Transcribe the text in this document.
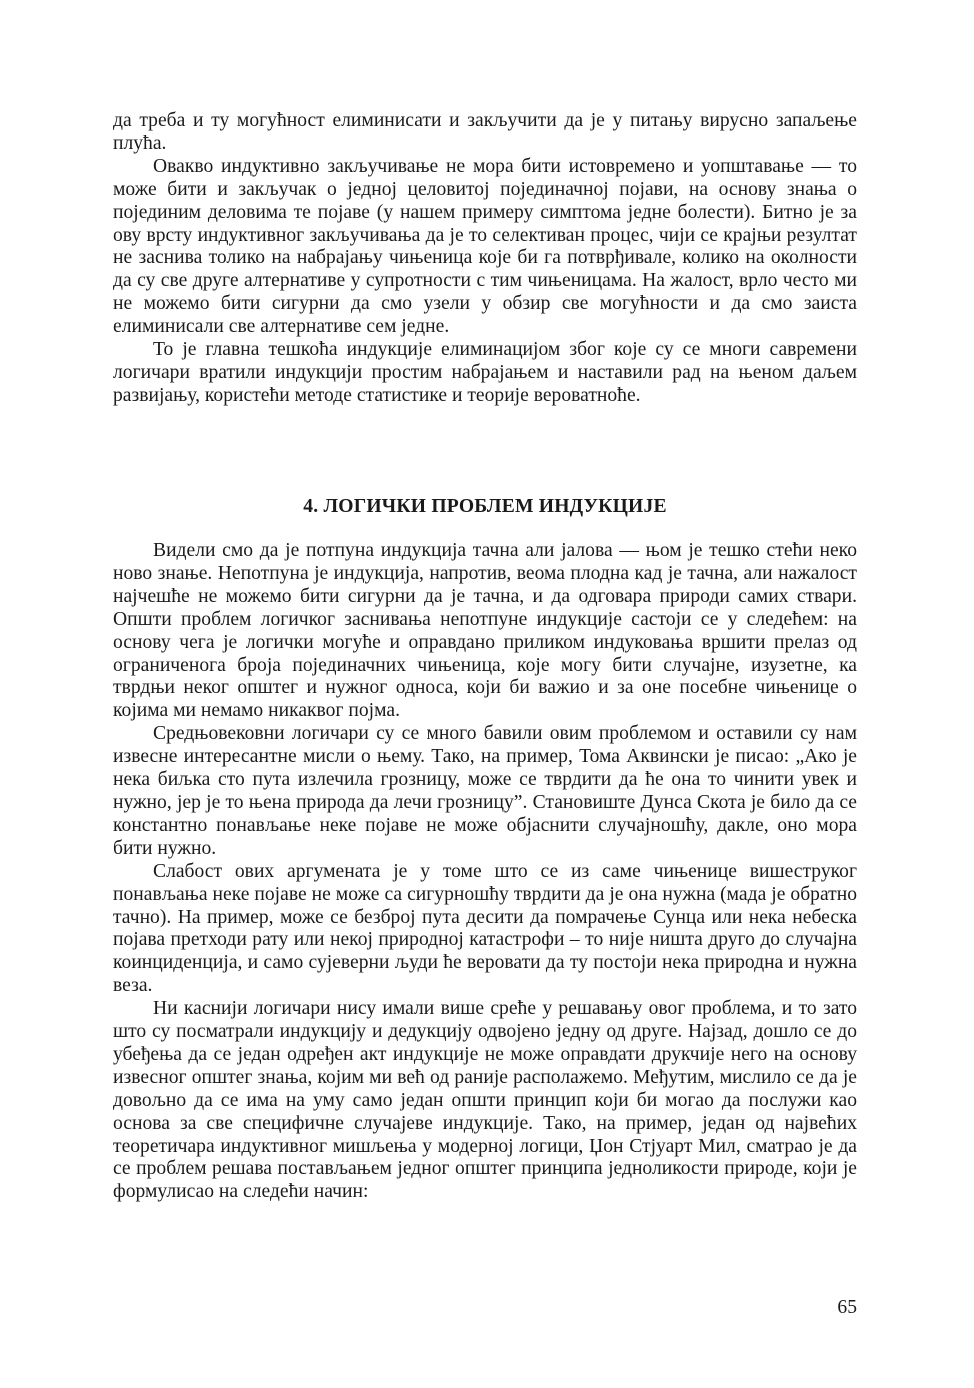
да треба и ту могућност елиминисати и закључити да је у питању вирусно запаљење плућа.

Овакво индуктивно закључивање не мора бити истовремено и уопштавање — то може бити и закључак о једној целовитој појединачној појави, на основу знања о појединим деловима те појаве (у нашем примеру симптома једне болести). Битно је за ову врсту индуктивног закључивања да је то селективан процес, чији се крајњи резултат не заснива толико на набрајању чињеница које би га потврђивале, колико на околности да су све друге алтернативе у супротности с тим чињеницама. На жалост, врло често ми не можемо бити сигурни да смо узели у обзир све могућности и да смо заиста елиминисали све алтернативе сем једне.

То је главна тешкоћа индукције елиминацијом због које су се многи савремени логичари вратили индукцији простим набрајањем и наставили рад на њеном даљем развијању, користећи методе статистике и теорије вероватноће.

4. ЛОГИЧКИ ПРОБЛЕМ ИНДУКЦИЈЕ

Видели смо да је потпуна индукција тачна али јалова — њом је тешко стећи неко ново знање. Непотпуна је индукција, напротив, веома плодна кад је тачна, али нажалост најчешће не можемо бити сигурни да је тачна, и да одговара природи самих ствари. Општи проблем логичког заснивања непотпуне индукције састоји се у следећем: на основу чега је логички могуће и оправдано приликом индуковања вршити прелаз од ограниченога броја појединачних чињеница, које могу бити случајне, изузетне, ка тврдњи неког општег и нужног односа, који би важио и за оне посебне чињенице о којима ми немамо никаквог појма.

Средњовековни логичари су се много бавили овим проблемом и оставили су нам извесне интересантне мисли о њему. Тако, на пример, Тома Аквински је писао: „Ако је нека биљка сто пута излечила грозницу, може се тврдити да ће она то чинити увек и нужно, јер је то њена природа да лечи грозницу”. Становиште Дунса Скота је било да се константно понављање неке појаве не може објаснити случајношћу, дакле, оно мора бити нужно.

Слабост ових аргумената је у томе што се из саме чињенице вишеструког понављања неке појаве не може са сигурношћу тврдити да је она нужна (мада је обратно тачно). На пример, може се безброј пута десити да помрачење Сунца или нека небеска појава претходи рату или некој природној катастрофи – то није ништа друго до случајна коинциденција, и само сујеверни људи ће веровати да ту постоји нека природна и нужна веза.

Ни каснији логичари нису имали више среће у решавању овог проблема, и то зато што су посматрали индукцију и дедукцију одвојено једну од друге. Најзад, дошло се до убеђења да се један одређен акт индукције не може оправдати друкчије него на основу извесног општег знања, којим ми већ од раније располажемо. Међутим, мислило се да је довољно да се има на уму само један општи принцип који би могао да послужи као основа за све специфичне случајеве индукције. Тако, на пример, један од највећих теоретичара индуктивног мишљења у модерној логици, Џон Стјуарт Мил, сматрао је да се проблем решава постављањем једног општег принципа једноликости природе, који је формулисао на следећи начин:

65
